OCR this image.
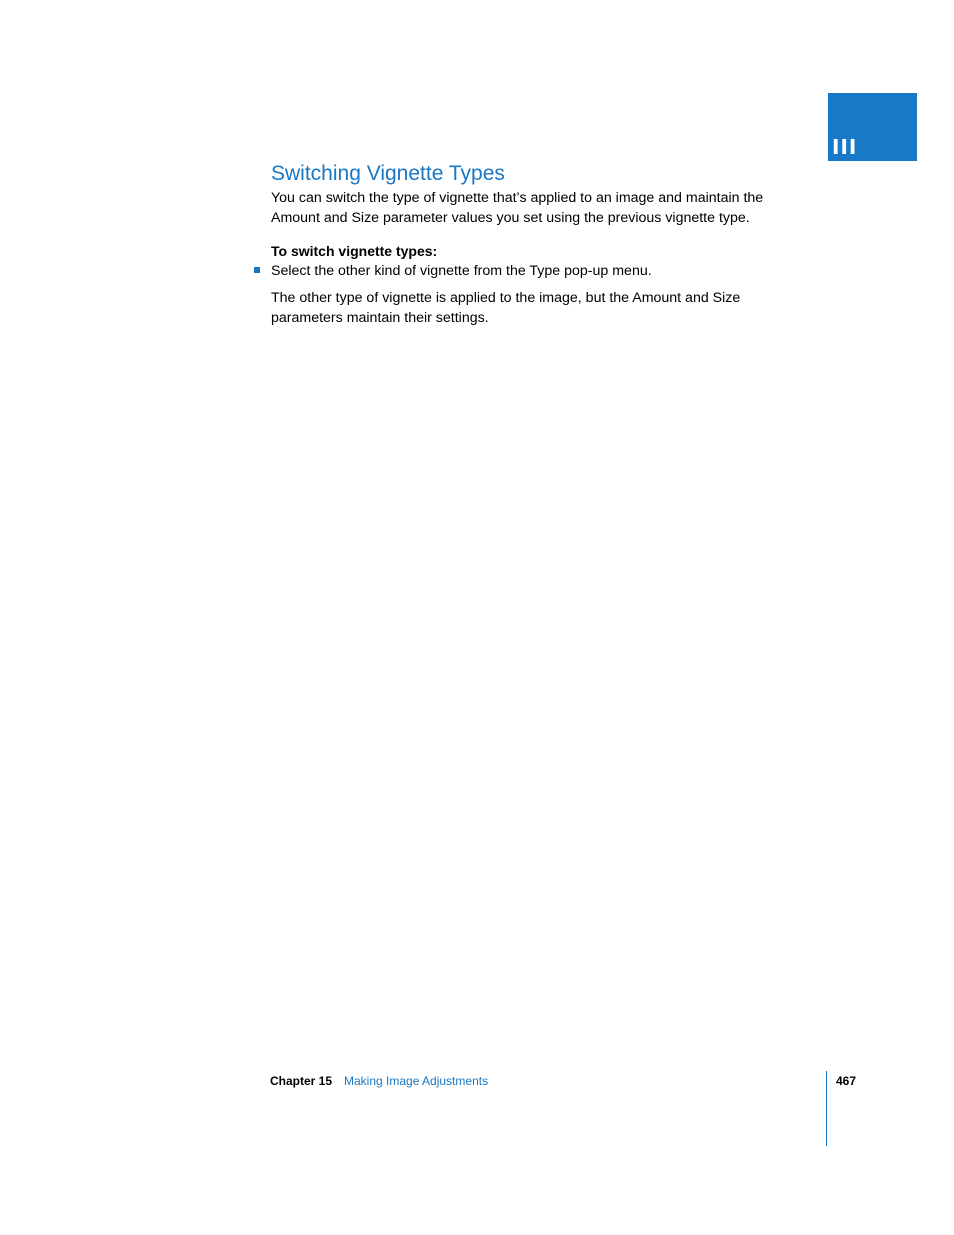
III
Switching Vignette Types

You can switch the type of vignette that’s applied to an image and maintain the Amount and Size parameter values you set using the previous vignette type.

To switch vignette types:

Select the other kind of vignette from the Type pop-up menu.

The other type of vignette is applied to the image, but the Amount and Size parameters maintain their settings.

Chapter 15 Making Image Adjustments	467
